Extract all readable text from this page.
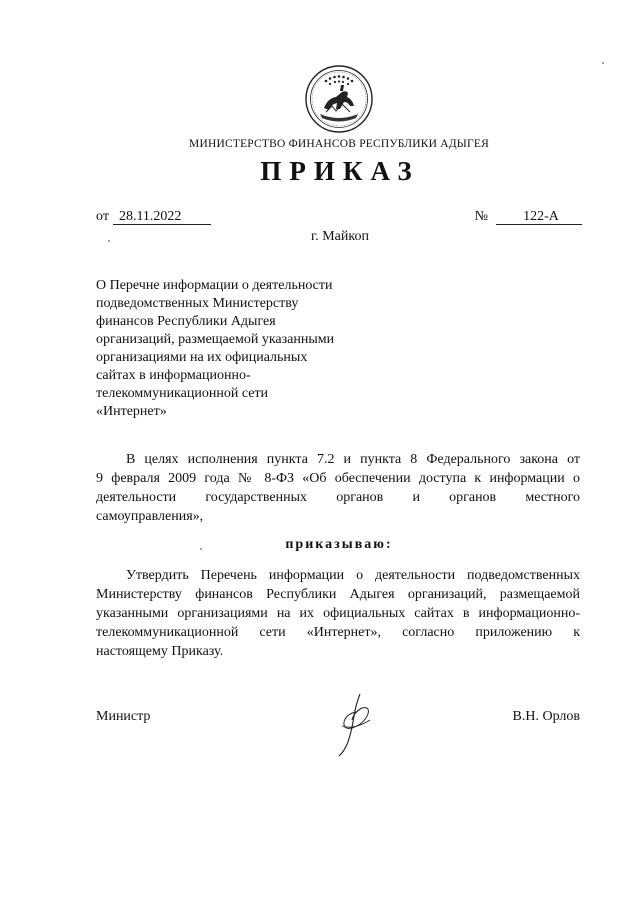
МИНИСТЕРСТВО ФИНАНСОВ РЕСПУБЛИКИ АДЫГЕЯ
ПРИКАЗ
от 28.11.2022	№	122-А
г. Майкоп
О Перечне информации о деятельности
подведомственных Министерству
финансов Республики Адыгея
организаций, размещаемой указанными
организациями на их официальных
сайтах в информационно-
телекоммуникационной сети
«Интернет»
В целях исполнения пункта 7.2 и пункта 8 Федерального закона от
9 февраля 2009 года № 8-ФЗ «Об обеспечении доступа к информации о
деятельности государственных органов и органов местного
самоуправления»,
приказываю:
Утвердить Перечень информации о деятельности подведомственных
Министерству финансов Республики Адыгея организаций, размещаемой
указанными организациями на их официальных сайтах в информационно-
телекоммуникационной сети «Интернет», согласно приложению к
настоящему Приказу.
Министр	В.Н. Орлов
